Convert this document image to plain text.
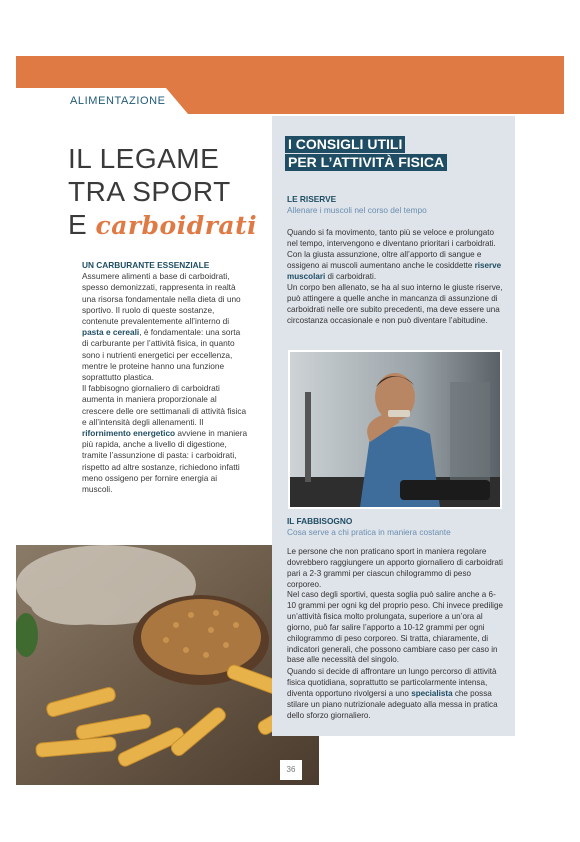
ALIMENTAZIONE
IL LEGAME
TRA SPORT
E carboidrati
UN CARBURANTE ESSENZIALE
Assumere alimenti a base di carboidrati, spesso demonizzati, rappresenta in realtà una risorsa fondamentale nella dieta di uno sportivo. Il ruolo di queste sostanze, contenute prevalentemente all’interno di pasta e cereali, è fondamentale: una sorta di carburante per l’attività fisica, in quanto sono i nutrienti energetici per eccellenza, mentre le proteine hanno una funzione soprattutto plastica.
Il fabbisogno giornaliero di carboidrati aumenta in maniera proporzionale al crescere delle ore settimanali di attività fisica e all’intensità degli allenamenti. Il rifornimento energetico avviene in maniera più rapida, anche a livello di digestione, tramite l’assunzione di pasta: i carboidrati, rispetto ad altre sostanze, richiedono infatti meno ossigeno per fornire energia ai muscoli.
I CONSIGLI UTILI
PER L’ATTIVITÀ FISICA
LE RISERVE
Allenare i muscoli nel corso del tempo
Quando si fa movimento, tanto più se veloce e prolungato nel tempo, intervengono e diventano prioritari i carboidrati. Con la giusta assunzione, oltre all’apporto di sangue e ossigeno ai muscoli aumentano anche le cosiddette riserve muscolari di carboidrati.
Un corpo ben allenato, se ha al suo interno le giuste riserve, può attingere a quelle anche in mancanza di assunzione di carboidrati nelle ore subito precedenti, ma deve essere una circostanza occasionale e non può diventare l’abitudine.
IL FABBISOGNO
Cosa serve a chi pratica in maniera costante
Le persone che non praticano sport in maniera regolare dovrebbero raggiungere un apporto giornaliero di carboidrati pari a 2-3 grammi per ciascun chilogrammo di peso corporeo.
Nel caso degli sportivi, questa soglia può salire anche a 6-10 grammi per ogni kg del proprio peso. Chi invece predilige un’attività fisica molto prolungata, superiore a un’ora al giorno, può far salire l’apporto a 10-12 grammi per ogni chilogrammo di peso corporeo. Si tratta, chiaramente, di indicatori generali, che possono cambiare caso per caso in base alle necessità del singolo.
Quando si decide di affrontare un lungo percorso di attività fisica quotidiana, soprattutto se particolarmente intensa, diventa opportuno rivolgersi a uno specialista che possa stilare un piano nutrizionale adeguato alla messa in pratica dello sforzo giornaliero.
36
